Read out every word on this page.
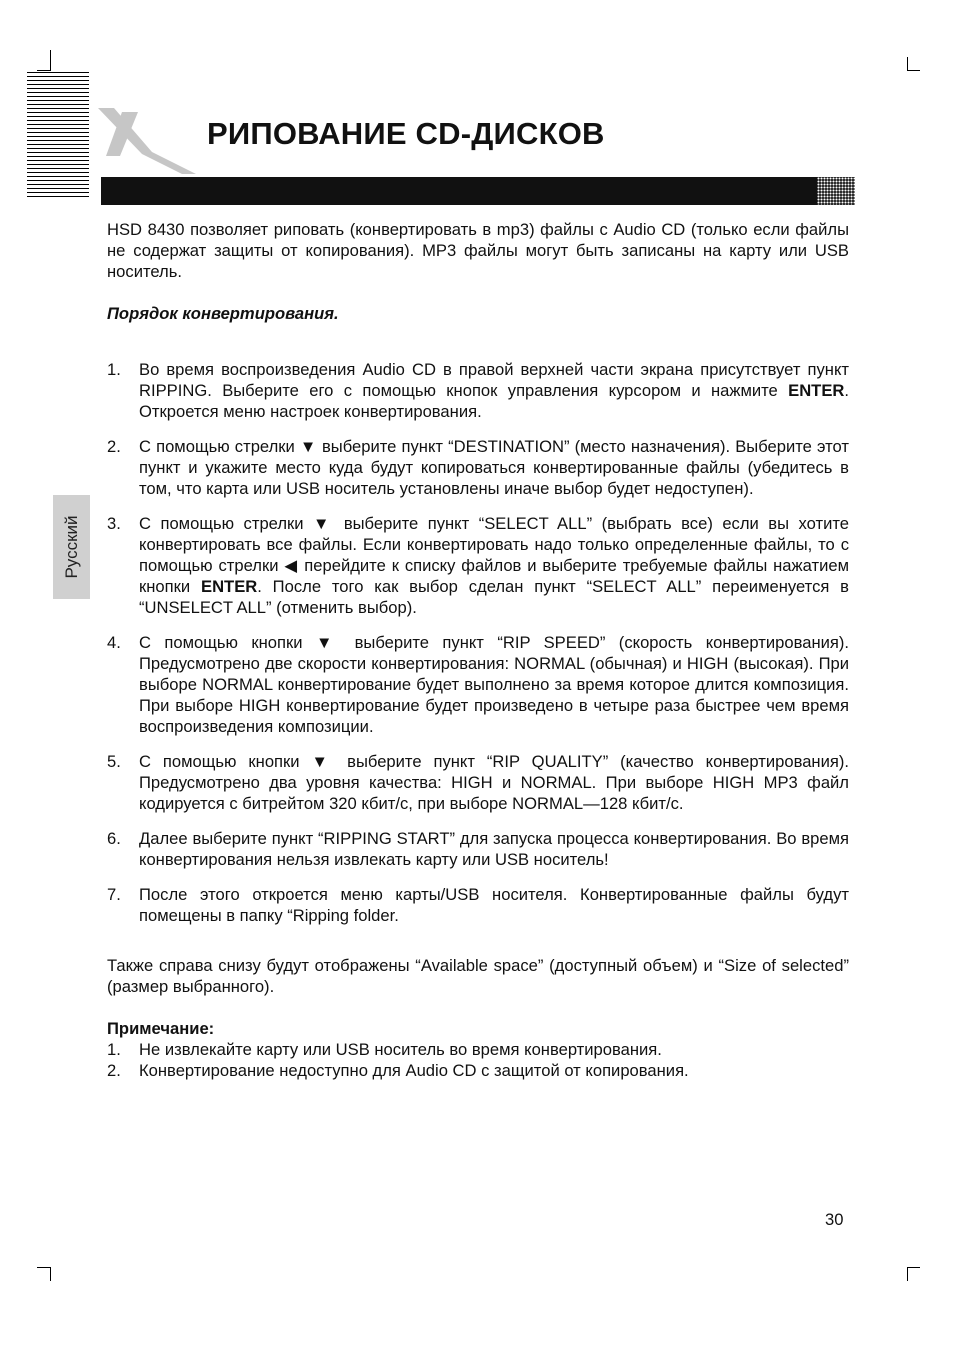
РИПОВАНИЕ CD-ДИСКОВ
Русский

HSD 8430 позволяет риповать (конвертировать в mp3) файлы с Audio CD (только если файлы не содержат защиты от копирования). MP3 файлы могут быть записаны на карту или USB носитель.

Порядок конвертирования.

1.	Во время воспроизведения Audio CD в правой верхней части экрана присутствует пункт RIPPING. Выберите его с помощью кнопок управления курсором и нажмите ENTER. Откроется меню настроек конвертирования.
2.	С помощью стрелки ▼ выберите пункт “DESTINATION” (место назначения). Выберите этот пункт и укажите место куда будут копироваться конвертированные файлы (убедитесь в том, что карта или USB носитель установлены иначе выбор будет недоступен).
3.	С помощью стрелки ▼ выберите пункт “SELECT ALL” (выбрать все) если вы хотите конвертировать все файлы. Если конвертировать надо только определенные файлы, то с помощью стрелки ◀ перейдите к списку файлов и выберите требуемые файлы нажатием кнопки ENTER. После того как выбор сделан пункт “SELECT ALL” переименуется в “UNSELECT ALL” (отменить выбор).
4.	С помощью кнопки ▼ выберите пункт “RIP SPEED” (скорость конвертирования). Предусмотрено две скорости конвертирования: NORMAL (обычная) и HIGH (высокая). При выборе NORMAL конвертирование будет выполнено за время которое длится композиция. При выборе HIGH конвертирование будет произведено в четыре раза быстрее чем время воспроизведения композиции.
5.	С помощью кнопки ▼ выберите пункт “RIP QUALITY” (качество конвертирования). Предусмотрено два уровня качества: HIGH и NORMAL. При выборе HIGH MP3 файл кодируется с битрейтом 320 кбит/с, при выборе NORMAL—128 кбит/с.
6.	Далее выберите пункт “RIPPING START” для запуска процесса конвертирования. Во время конвертирования нельзя извлекать карту или USB носитель!
7.	После этого откроется меню карты/USB носителя. Конвертированные файлы будут помещены в папку “Ripping folder.

Также справа снизу будут отображены “Available space” (доступный объем) и “Size of selected” (размер выбранного).

Примечание:
1.	Не извлекайте карту или USB носитель во время конвертирования.
2.	Конвертирование недоступно для Audio CD с защитой от копирования.
30
